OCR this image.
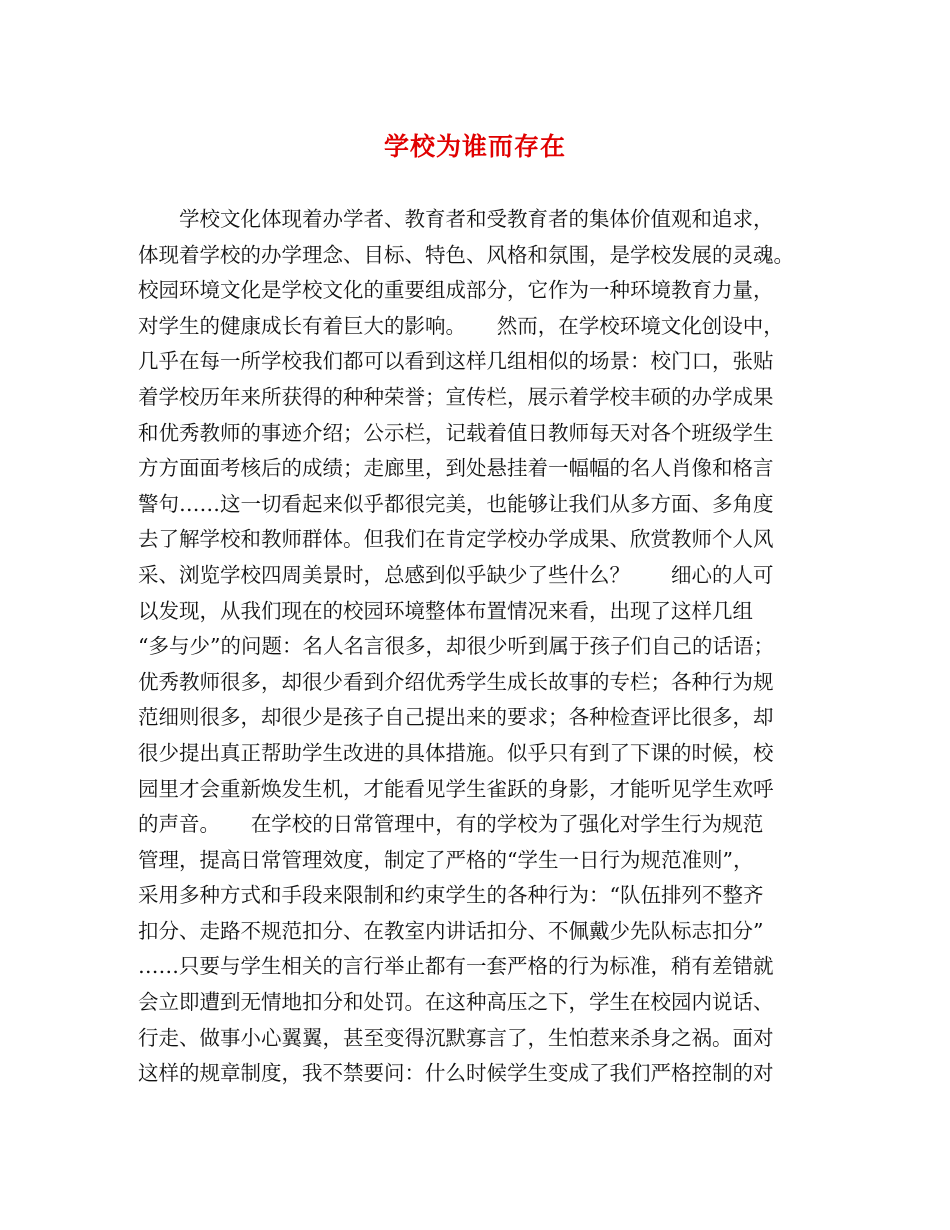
学校为谁而存在
　　学校文化体现着办学者、教育者和受教育者的集体价值观和追求，
体现着学校的办学理念、目标、特色、风格和氛围，是学校发展的灵魂。
校园环境文化是学校文化的重要组成部分，它作为一种环境教育力量，
对学生的健康成长有着巨大的影响。　　然而，在学校环境文化创设中，
几乎在每一所学校我们都可以看到这样几组相似的场景：校门口，张贴
着学校历年来所获得的种种荣誉；宣传栏，展示着学校丰硕的办学成果
和优秀教师的事迹介绍；公示栏，记载着值日教师每天对各个班级学生
方方面面考核后的成绩；走廊里，到处悬挂着一幅幅的名人肖像和格言
警句……这一切看起来似乎都很完美，也能够让我们从多方面、多角度
去了解学校和教师群体。但我们在肯定学校办学成果、欣赏教师个人风
采、浏览学校四周美景时，总感到似乎缺少了些什么？　　细心的人可
以发现，从我们现在的校园环境整体布置情况来看，出现了这样几组
“多与少”的问题：名人名言很多，却很少听到属于孩子们自己的话语；
优秀教师很多，却很少看到介绍优秀学生成长故事的专栏；各种行为规
范细则很多，却很少是孩子自己提出来的要求；各种检查评比很多，却
很少提出真正帮助学生改进的具体措施。似乎只有到了下课的时候，校
园里才会重新焕发生机，才能看见学生雀跃的身影，才能听见学生欢呼
的声音。　　在学校的日常管理中，有的学校为了强化对学生行为规范
管理，提高日常管理效度，制定了严格的“学生一日行为规范准则”，
采用多种方式和手段来限制和约束学生的各种行为：“队伍排列不整齐
扣分、走路不规范扣分、在教室内讲话扣分、不佩戴少先队标志扣分”
……只要与学生相关的言行举止都有一套严格的行为标准，稍有差错就
会立即遭到无情地扣分和处罚。在这种高压之下，学生在校园内说话、
行走、做事小心翼翼，甚至变得沉默寡言了，生怕惹来杀身之祸。面对
这样的规章制度，我不禁要问：什么时候学生变成了我们严格控制的对
